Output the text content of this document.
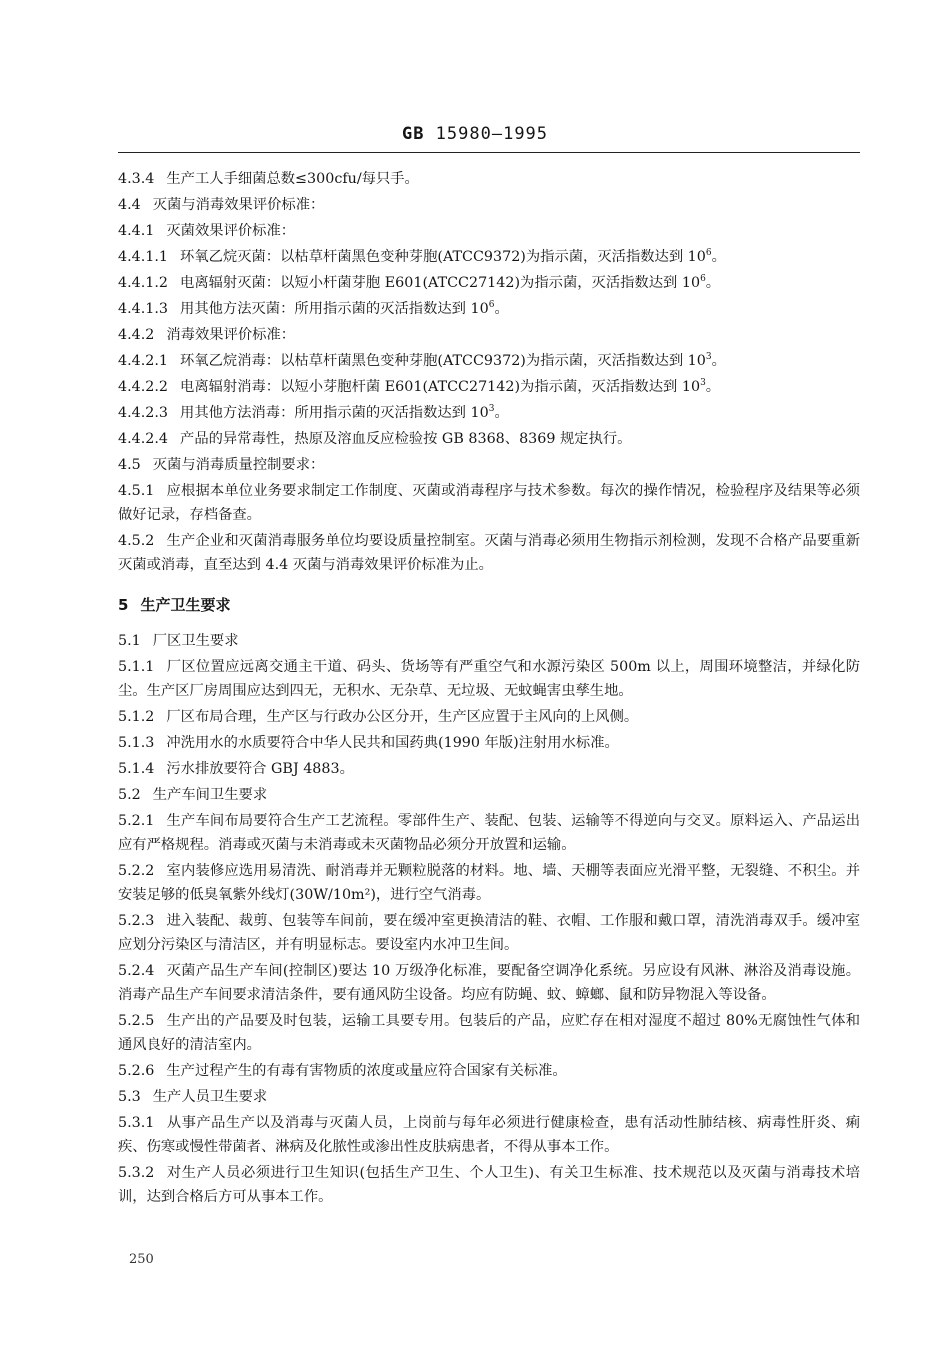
GB 15980—1995
4.3.4 生产工人手细菌总数≤300cfu/每只手。
4.4 灭菌与消毒效果评价标准：
4.4.1 灭菌效果评价标准：
4.4.1.1 环氧乙烷灭菌：以枯草杆菌黑色变种芽胞(ATCC9372)为指示菌，灭活指数达到 $10^6$。
4.4.1.2 电离辐射灭菌：以短小杆菌芽胞 E601(ATCC27142)为指示菌，灭活指数达到 $10^6$。
4.4.1.3 用其他方法灭菌：所用指示菌的灭活指数达到 $10^6$。
4.4.2 消毒效果评价标准：
4.4.2.1 环氧乙烷消毒：以枯草杆菌黑色变种芽胞(ATCC9372)为指示菌，灭活指数达到 $10^3$。
4.4.2.2 电离辐射消毒：以短小芽胞杆菌 E601(ATCC27142)为指示菌，灭活指数达到 $10^3$。
4.4.2.3 用其他方法消毒：所用指示菌的灭活指数达到 $10^3$。
4.4.2.4 产品的异常毒性，热原及溶血反应检验按 GB 8368、8369 规定执行。
4.5 灭菌与消毒质量控制要求：
4.5.1 应根据本单位业务要求制定工作制度、灭菌或消毒程序与技术参数。每次的操作情况，检验程序及结果等必须做好记录，存档备查。
4.5.2 生产企业和灭菌消毒服务单位均要设质量控制室。灭菌与消毒必须用生物指示剂检测，发现不合格产品要重新灭菌或消毒，直至达到 4.4 灭菌与消毒效果评价标准为止。
5 生产卫生要求
5.1 厂区卫生要求
5.1.1 厂区位置应远离交通主干道、码头、货场等有严重空气和水源污染区 500m 以上，周围环境整洁，并绿化防尘。生产区厂房周围应达到四无，无积水、无杂草、无垃圾、无蚊蝇害虫孳生地。
5.1.2 厂区布局合理，生产区与行政办公区分开，生产区应置于主风向的上风侧。
5.1.3 冲洗用水的水质要符合中华人民共和国药典(1990 年版)注射用水标准。
5.1.4 污水排放要符合 GBJ 4883。
5.2 生产车间卫生要求
5.2.1 生产车间布局要符合生产工艺流程。零部件生产、装配、包装、运输等不得逆向与交叉。原料运入、产品运出应有严格规程。消毒或灭菌与未消毒或未灭菌物品必须分开放置和运输。
5.2.2 室内装修应选用易清洗、耐消毒并无颗粒脱落的材料。地、墙、天棚等表面应光滑平整，无裂缝、不积尘。并安装足够的低臭氧紫外线灯(30W/10m²)，进行空气消毒。
5.2.3 进入装配、裁剪、包装等车间前，要在缓冲室更换清洁的鞋、衣帽、工作服和戴口罩，清洗消毒双手。缓冲室应划分污染区与清洁区，并有明显标志。要设室内水冲卫生间。
5.2.4 灭菌产品生产车间(控制区)要达 10 万级净化标准，要配备空调净化系统。另应设有风淋、淋浴及消毒设施。消毒产品生产车间要求清洁条件，要有通风防尘设备。均应有防蝇、蚊、蟑螂、鼠和防异物混入等设备。
5.2.5 生产出的产品要及时包装，运输工具要专用。包装后的产品，应贮存在相对湿度不超过 80%无腐蚀性气体和通风良好的清洁室内。
5.2.6 生产过程产生的有毒有害物质的浓度或量应符合国家有关标准。
5.3 生产人员卫生要求
5.3.1 从事产品生产以及消毒与灭菌人员，上岗前与每年必须进行健康检查，患有活动性肺结核、病毒性肝炎、痢疾、伤寒或慢性带菌者、淋病及化脓性或渗出性皮肤病患者，不得从事本工作。
5.3.2 对生产人员必须进行卫生知识(包括生产卫生、个人卫生)、有关卫生标准、技术规范以及灭菌与消毒技术培训，达到合格后方可从事本工作。
250
